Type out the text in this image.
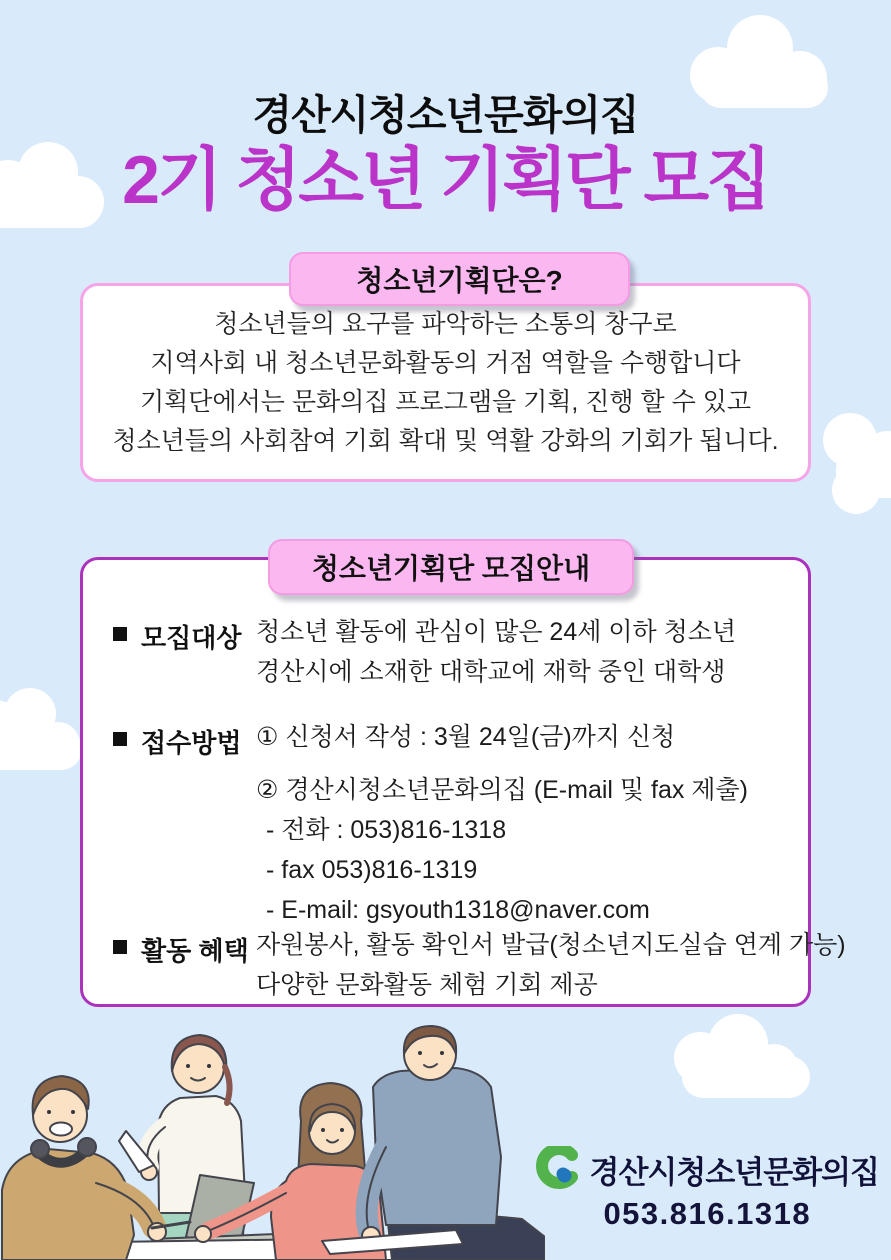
경산시청소년문화의집
2기 청소년 기획단 모집
청소년기획단은?

청소년들의 요구를 파악하는 소통의 창구로

지역사회 내 청소년문화활동의 거점 역할을 수행합니다

기획단에서는 문화의집 프로그램을 기획, 진행 할 수 있고

청소년들의 사회참여 기회 확대 및 역활 강화의 기회가 됩니다.

청소년기획단 모집안내
모집대상 청소년 활동에 관심이 많은 24세 이하 청소년
경산시에 소재한 대학교에 재학 중인 대학생
접수방법 ① 신청서 작성 : 3월 24일(금)까지 신청
② 경산시청소년문화의집 (E-mail 및 fax 제출)
- 전화 : 053)816-1318
- fax 053)816-1319
- E-mail: gsyouth1318@naver.com
활동 혜택 자원봉사, 활동 확인서 발급(청소년지도실습 연계 가능)
다양한 문화활동 체험 기회 제공
경산시청소년문화의집
053.816.1318
